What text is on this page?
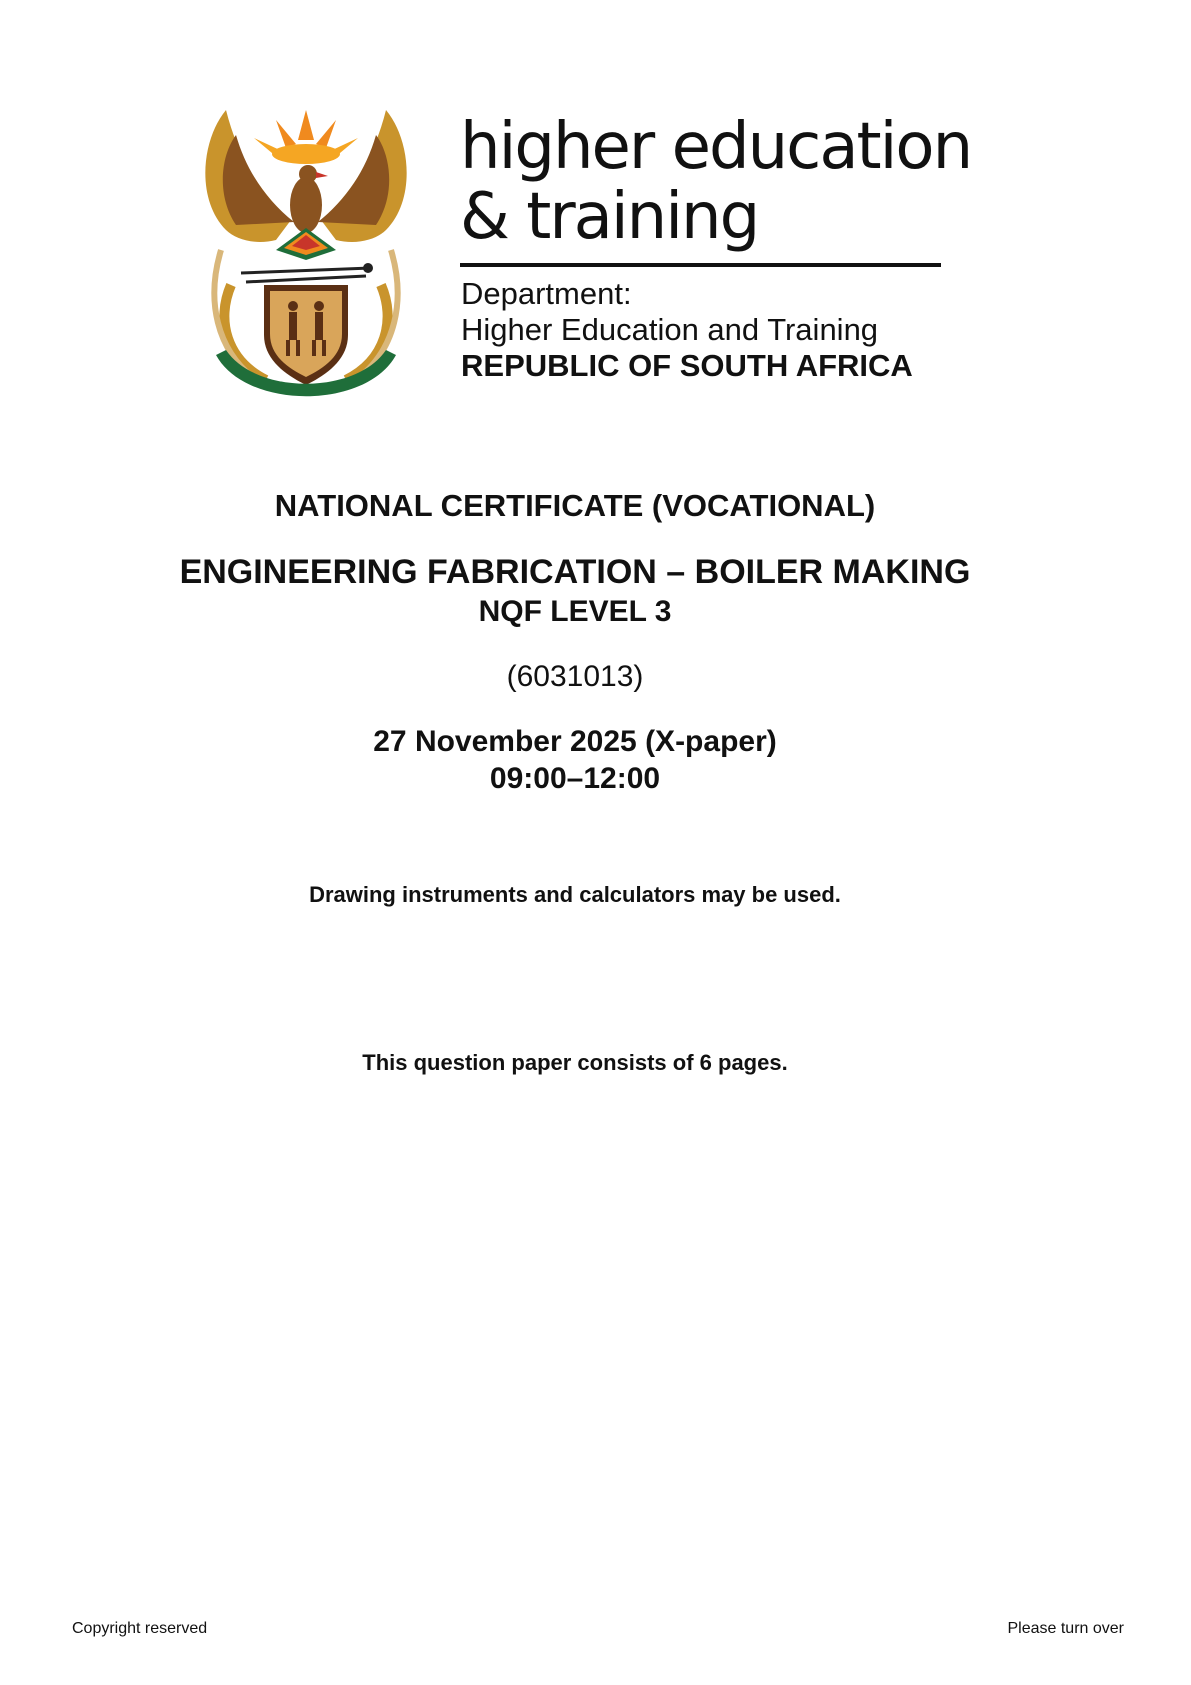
higher education
& training
Department:
Higher Education and Training
REPUBLIC OF SOUTH AFRICA
NATIONAL CERTIFICATE (VOCATIONAL)
ENGINEERING FABRICATION – BOILER MAKING
NQF LEVEL 3
(6031013)
27 November 2025 (X-paper)
09:00–12:00
Drawing instruments and calculators may be used.
This question paper consists of 6 pages.
Copyright reserved	Please turn over
